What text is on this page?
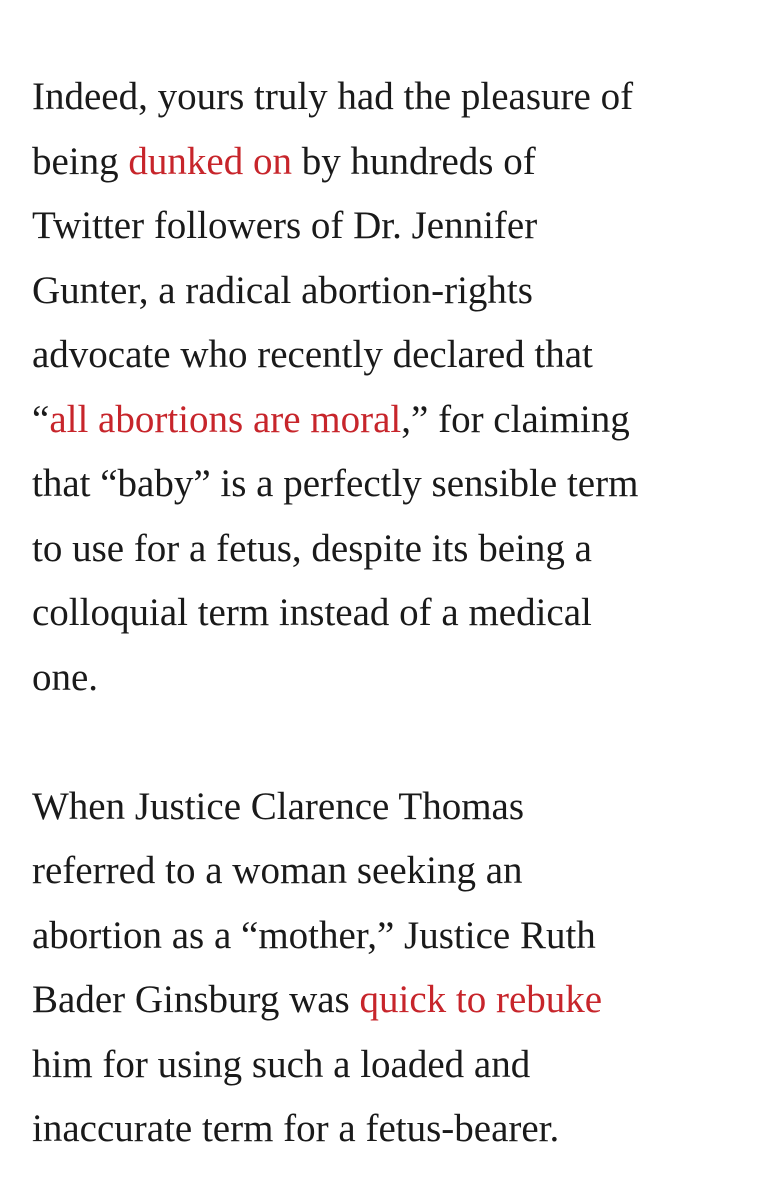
Indeed, yours truly had the pleasure of
being dunked on by hundreds of
Twitter followers of Dr. Jennifer
Gunter, a radical abortion-rights
advocate who recently declared that
“all abortions are moral,” for claiming
that “baby” is a perfectly sensible term
to use for a fetus, despite its being a
colloquial term instead of a medical
one.
When Justice Clarence Thomas
referred to a woman seeking an
abortion as a “mother,” Justice Ruth
Bader Ginsburg was quick to rebuke
him for using such a loaded and
inaccurate term for a fetus-bearer.
